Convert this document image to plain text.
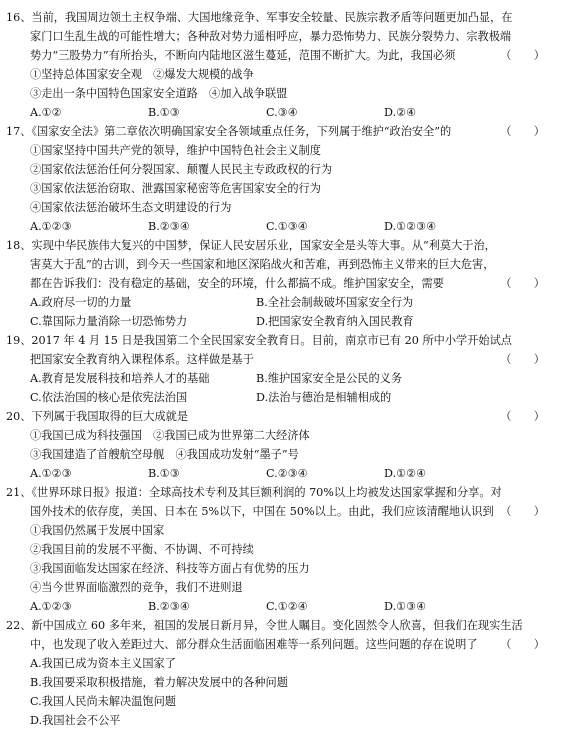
16、当前，我国周边领土主权争端、大国地缘竞争、军事安全较量、民族宗教矛盾等问题更加凸显，在
家门口生乱生战的可能性增大；各种敌对势力遥相呼应，暴力恐怖势力、民族分裂势力、宗教极端
势力“三股势力”有所抬头，不断向内陆地区滋生蔓延，范围不断扩大。为此，我国必须	（　　）
①坚持总体国家安全观　②爆发大规模的战争
③走出一条中国特色国家安全道路　④加入战争联盟
A.①②	B.①③	C.③④	D.②④
17、《国家安全法》第二章依次明确国家安全各领域重点任务，下列属于维护“政治安全”的	（　　）
①国家坚持中国共产党的领导，维护中国特色社会主义制度
②国家依法惩治任何分裂国家、颠覆人民民主专政政权的行为
③国家依法惩治窃取、泄露国家秘密等危害国家安全的行为
④国家依法惩治破坏生态文明建设的行为
A.①②③	B.②③④	C.①③④	D.①②③④
18、实现中华民族伟大复兴的中国梦，保证人民安居乐业，国家安全是头等大事。从“利莫大于治，
害莫大于乱”的古训，到今天一些国家和地区深陷战火和苦难，再到恐怖主义带来的巨大危害，
都在告诉我们：没有稳定的基础，安全的环境，什么都搞不成。维护国家安全，需要	（　　）
A.政府尽一切的力量	B.全社会制裁破坏国家安全行为
C.靠国际力量消除一切恐怖势力	D.把国家安全教育纳入国民教育
19、2017 年 4 月 15 日是我国第二个全民国家安全教育日。目前，南京市已有 20 所中小学开始试点
把国家安全教育纳入课程体系。这样做是基于	（　　）
A.教育是发展科技和培养人才的基础	B.维护国家安全是公民的义务
C.依法治国的核心是依宪法治国	D.法治与德治是相辅相成的
20、下列属于我国取得的巨大成就是	（　　）
①我国已成为科技强国　②我国已成为世界第二大经济体
③我国建造了首艘航空母舰　④我国成功发射“墨子”号
A.①②③	B.①③	C.②③④	D.①②④
21、《世界环球日报》报道：全球高技术专利及其巨额利润的 70%以上均被发达国家掌握和分享。对
国外技术的依存度，美国、日本在 5%以下，中国在 50%以上。由此，我们应该清醒地认识到 （　　）
①我国仍然属于发展中国家
②我国目前的发展不平衡、不协调、不可持续
③我国面临发达国家在经济、科技等方面占有优势的压力
④当今世界面临激烈的竞争，我们不进则退
A.①②③	B.②③④	C.①②④	D.①③④
22、新中国成立 60 多年来，祖国的发展日新月异，令世人瞩目。变化固然令人欣喜，但我们在现实生活
中，也发现了收入差距过大、部分群众生活面临困难等一系列问题。这些问题的存在说明了 （　　）
A.我国已成为资本主义国家了
B.我国要采取积极措施，着力解决发展中的各种问题
C.我国人民尚未解决温饱问题
D.我国社会不公平
